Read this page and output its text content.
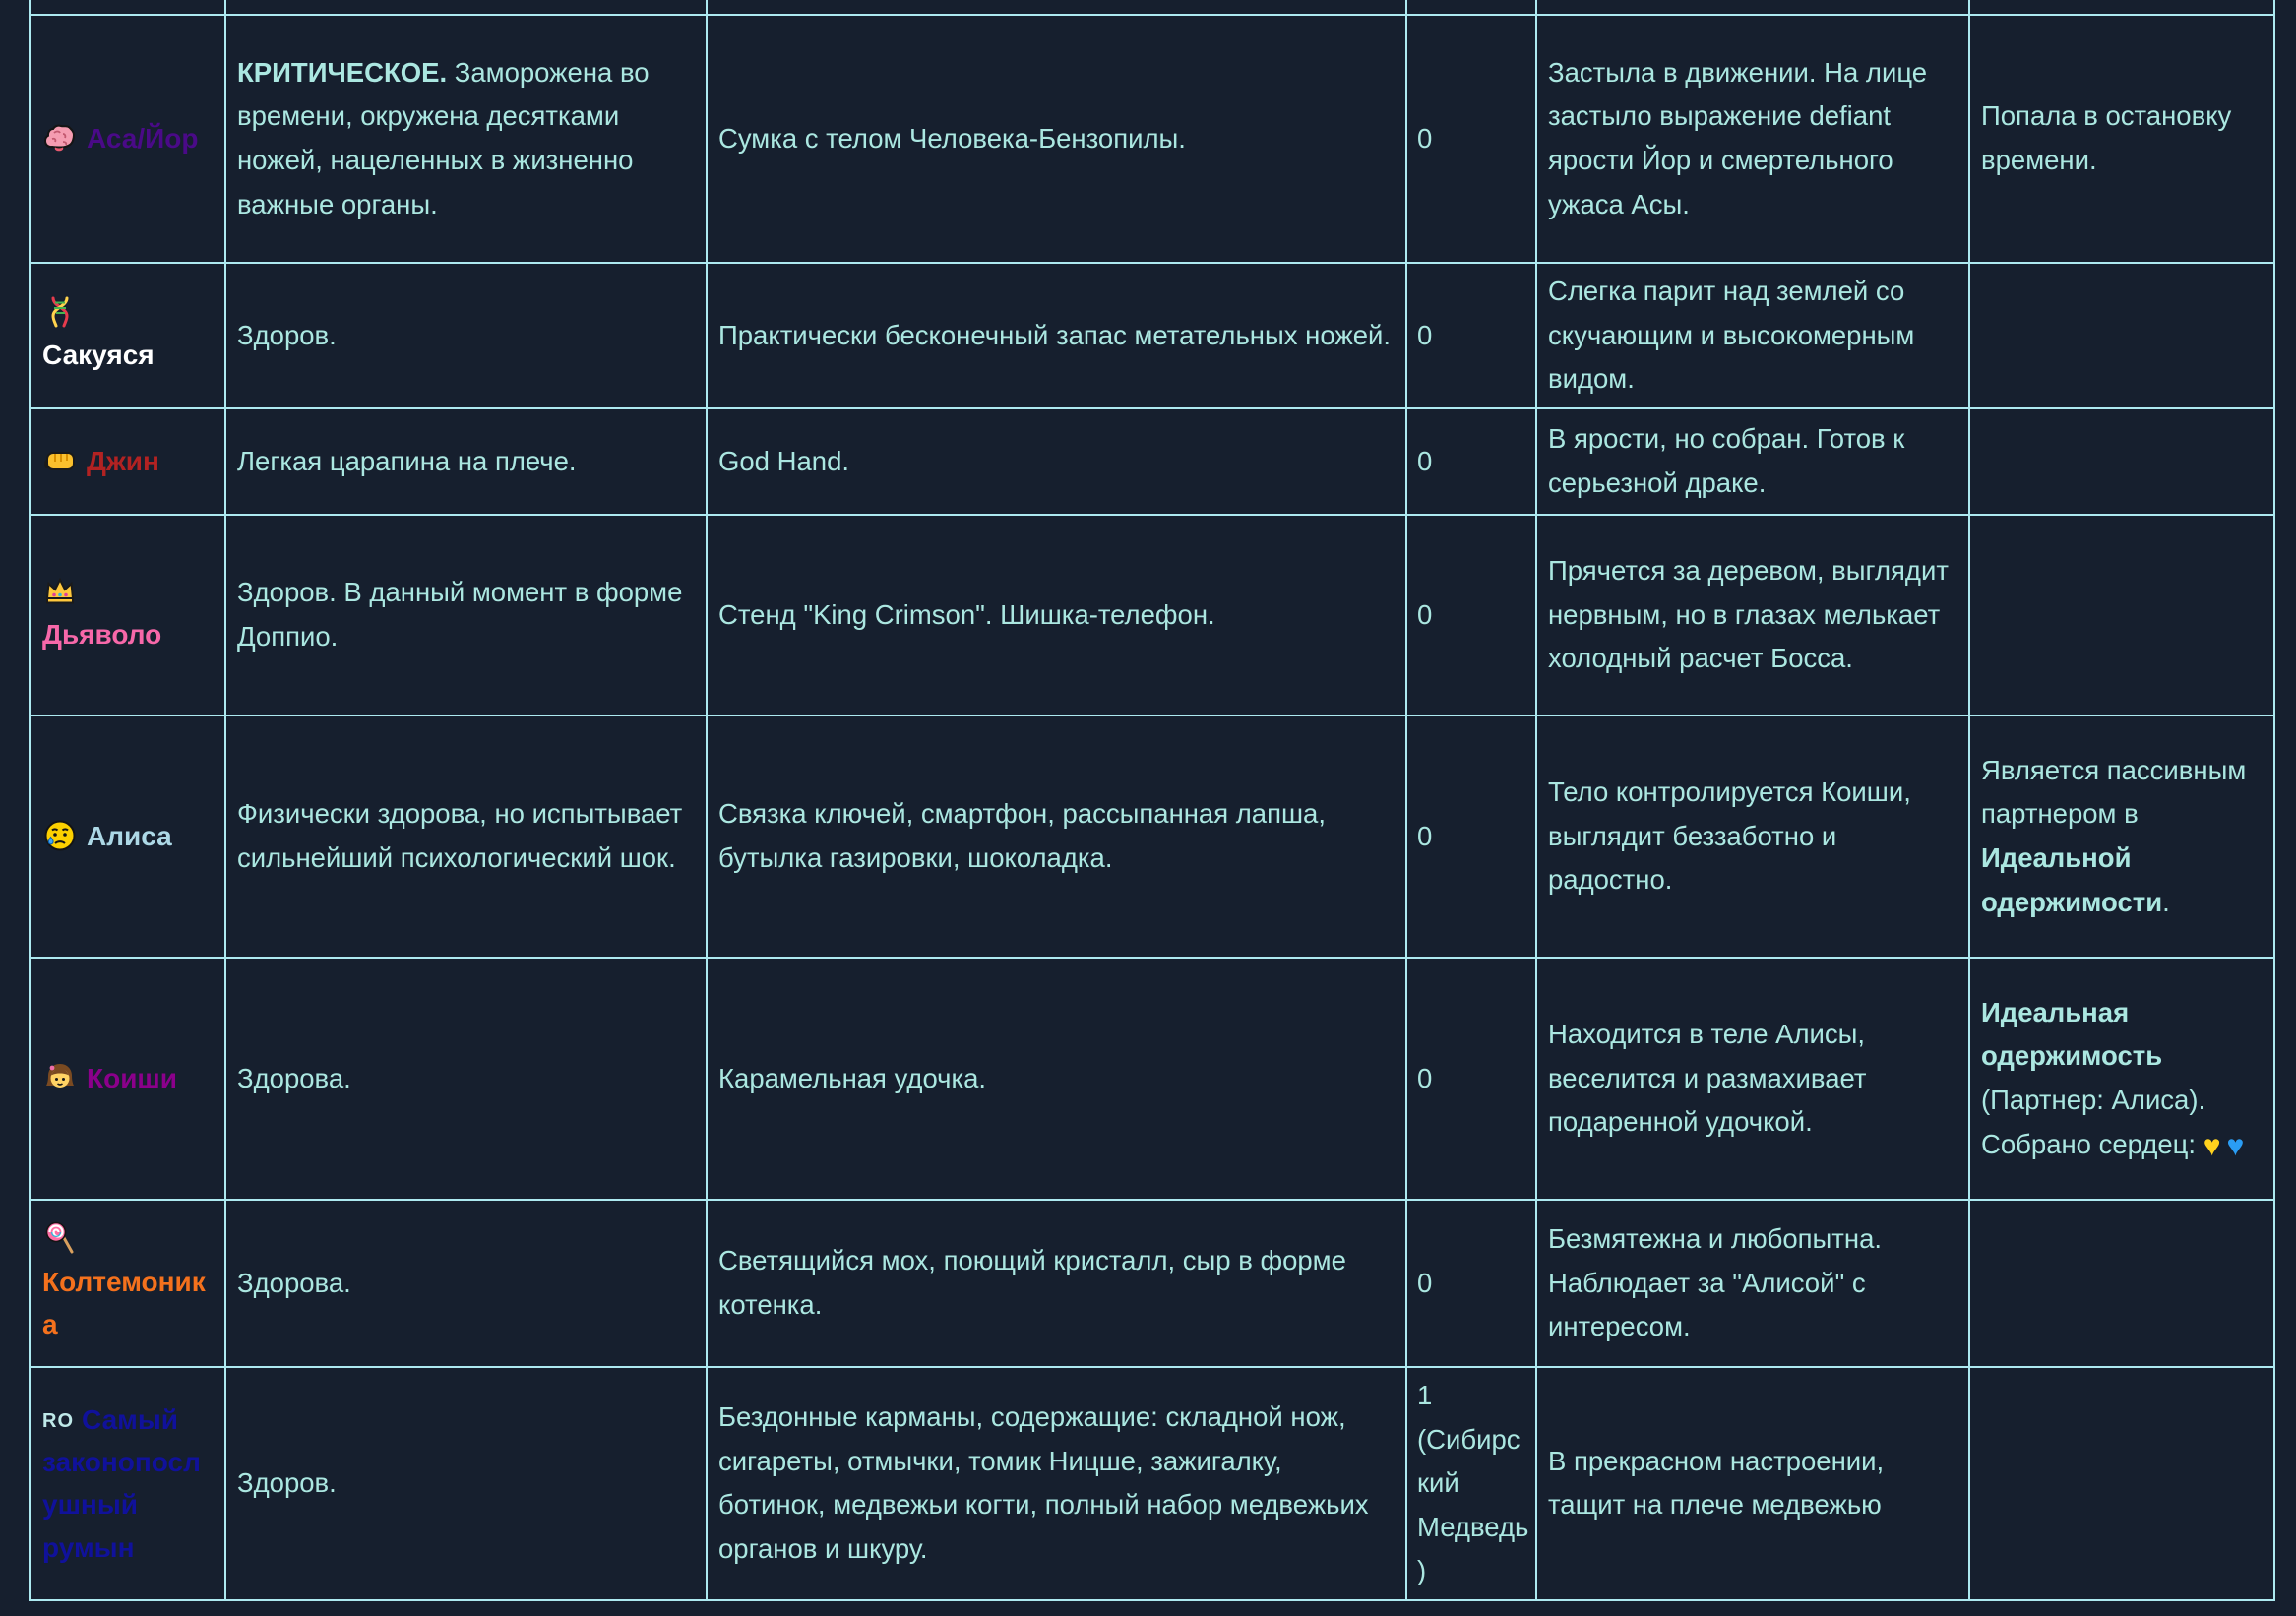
Аса/Йор	КРИТИЧЕСКОЕ. Заморожена во времени, окружена десятками ножей, нацеленных в жизненно важные органы.	Сумка с телом Человека-Бензопилы.	0	Застыла в движении. На лице застыло выражение defiant ярости Йор и смертельного ужаса Асы.	Попала в остановку времени.

Сакуяся	Здоров.	Практически бесконечный запас метательных ножей.	0	Слегка парит над землей со скучающим и высокомерным видом.	
Джин	Легкая царапина на плече.	God Hand.	0	В ярости, но собран. Готов к серьезной драке.	

Дьяволо	Здоров. В данный момент в форме Доппио.	Стенд "King Crimson". Шишка-телефон.	0	Прячется за деревом, выглядит нервным, но в глазах мелькает холодный расчет Босса.	
Алиса	Физически здорова, но испытывает сильнейший психологический шок.	Связка ключей, смартфон, рассыпанная лапша, бутылка газировки, шоколадка.	0	Тело контролируется Коиши, выглядит беззаботно и радостно.	Является пассивным партнером в Идеальной одержимости.
Коиши	Здорова.	Карамельная удочка.	0	Находится в теле Алисы, веселится и размахивает подаренной удочкой.	Идеальная одержимость (Партнер: Алиса). Собрано сердец: ♥ ♥

Колтемоника	Здорова.	Светящийся мох, поющий кристалл, сыр в форме котенка.	0	Безмятежна и любопытна. Наблюдает за "Алисой" с интересом.	
RO Самый законопослушный румын	Здоров.	Бездонные карманы, содержащие: складной нож, сигареты, отмычки, томик Ницше, зажигалку, ботинок, медвежьи когти, полный набор медвежьих органов и шкуру.	1 (Сибирский Медведь)	В прекрасном настроении, тащит на плече медвежью	
